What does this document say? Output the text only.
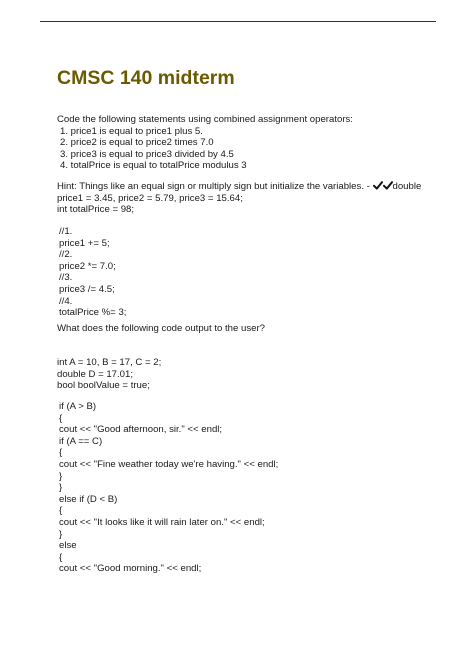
CMSC 140 midterm
Code the following statements using combined assignment operators:
1. price1 is equal to price1 plus 5.
2. price2 is equal to price2 times 7.0
3. price3 is equal to price3 divided by 4.5
4. totalPrice is equal to totalPrice modulus 3
Hint: Things like an equal sign or multiply sign but initialize the variables. - double
price1 = 3.45, price2 = 5.79, price3 = 15.64;
int totalPrice = 98;
//1.
price1 += 5;
//2.
price2 *= 7.0;
//3.
price3 /= 4.5;
//4.
totalPrice %= 3;
What does the following code output to the user?
int A = 10, B = 17, C = 2;
double D = 17.01;
bool boolValue = true;
if (A > B)
{
cout << "Good afternoon, sir." << endl;
if (A == C)
{
cout << "Fine weather today we're having." << endl;
}
}
else if (D < B)
{
cout << "It looks like it will rain later on." << endl;
}
else
{
cout << "Good morning." << endl;
